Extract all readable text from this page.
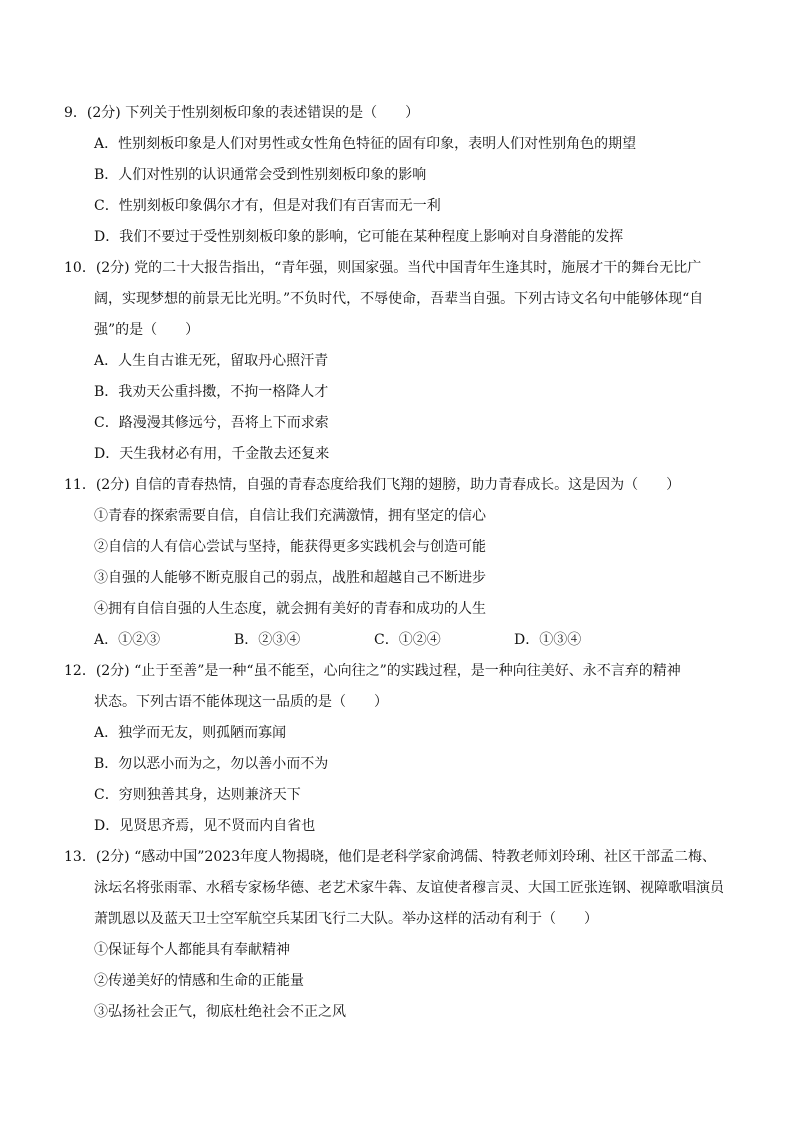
9．(2分) 下列关于性别刻板印象的表述错误的是（　　）
A．性别刻板印象是人们对男性或女性角色特征的固有印象，表明人们对性别角色的期望
B．人们对性别的认识通常会受到性别刻板印象的影响
C．性别刻板印象偶尔才有，但是对我们有百害而无一利
D．我们不要过于受性别刻板印象的影响，它可能在某种程度上影响对自身潜能的发挥
10．(2分) 党的二十大报告指出，“青年强，则国家强。当代中国青年生逢其时，施展才干的舞台无比广
阔，实现梦想的前景无比光明。”不负时代，不辱使命，吾辈当自强。下列古诗文名句中能够体现“自
强”的是（　　）
A．人生自古谁无死，留取丹心照汗青
B．我劝天公重抖擞，不拘一格降人才
C．路漫漫其修远兮，吾将上下而求索
D．天生我材必有用，千金散去还复来
11．(2分) 自信的青春热情，自强的青春态度给我们飞翔的翅膀，助力青春成长。这是因为（　　）
①青春的探索需要自信，自信让我们充满激情，拥有坚定的信心
②自信的人有信心尝试与坚持，能获得更多实践机会与创造可能
③自强的人能够不断克服自己的弱点，战胜和超越自己不断进步
④拥有自信自强的人生态度，就会拥有美好的青春和成功的人生
A．①②③	B．②③④	C．①②④	D．①③④
12．(2分) “止于至善”是一种“虽不能至，心向往之”的实践过程，是一种向往美好、永不言弃的精神
状态。下列古语不能体现这一品质的是（　　）
A．独学而无友，则孤陋而寡闻
B．勿以恶小而为之，勿以善小而不为
C．穷则独善其身，达则兼济天下
D．见贤思齐焉，见不贤而内自省也
13．(2分) “感动中国”2023年度人物揭晓，他们是老科学家俞鸿儒、特教老师刘玲琍、社区干部孟二梅、
泳坛名将张雨霏、水稻专家杨华德、老艺术家牛犇、友谊使者穆言灵、大国工匠张连钢、视障歌唱演员
萧凯恩以及蓝天卫士空军航空兵某团飞行二大队。举办这样的活动有利于（　　）
①保证每个人都能具有奉献精神
②传递美好的情感和生命的正能量
③弘扬社会正气，彻底杜绝社会不正之风
